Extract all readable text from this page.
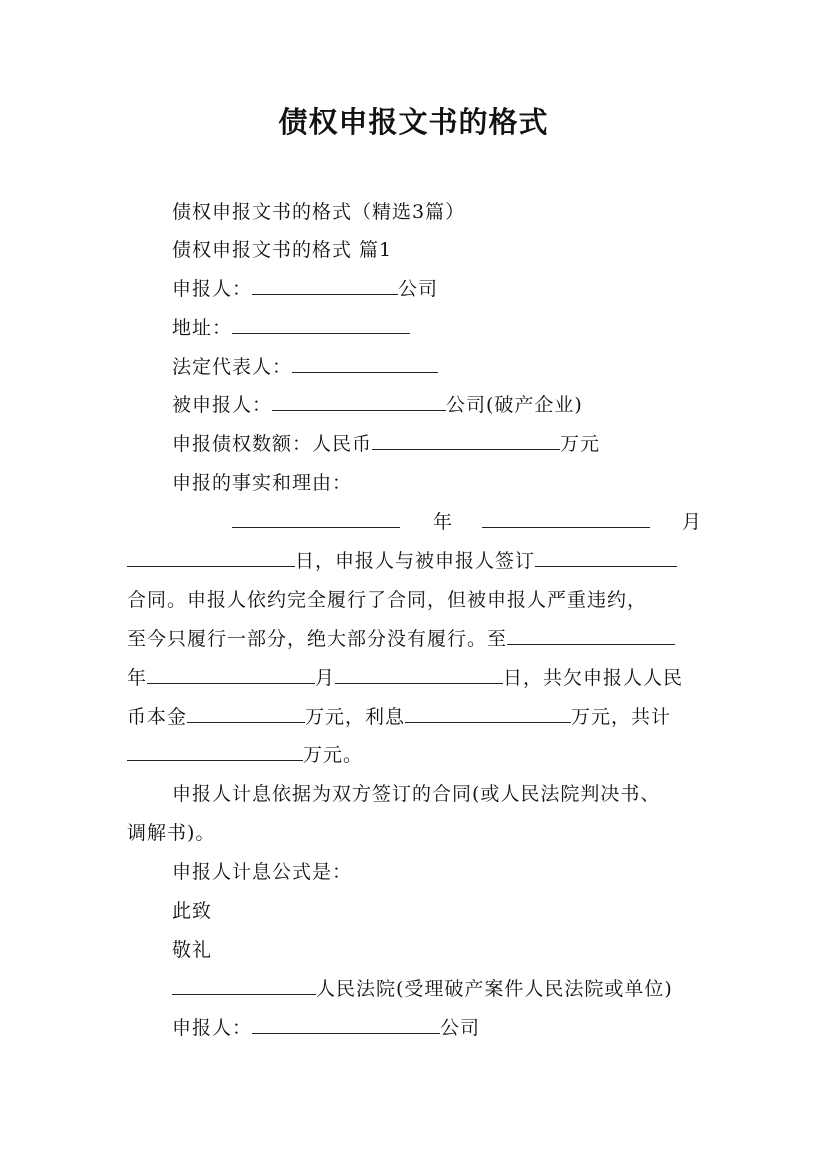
债权申报文书的格式
债权申报文书的格式（精选3篇）
债权申报文书的格式 篇1
申报人：	公司
地址：
法定代表人：
被申报人：	公司(破产企业)
申报债权数额：人民币	万元
申报的事实和理由：
年	月
日，申报人与被申报人签订
合同。申报人依约完全履行了合同，但被申报人严重违约，
至今只履行一部分，绝大部分没有履行。至
年	月	日，共欠申报人人民
币本金	万元，利息	万元，共计
万元。
申报人计息依据为双方签订的合同(或人民法院判决书、
调解书)。
申报人计息公式是：
此致
敬礼
人民法院(受理破产案件人民法院或单位)
申报人：	公司
